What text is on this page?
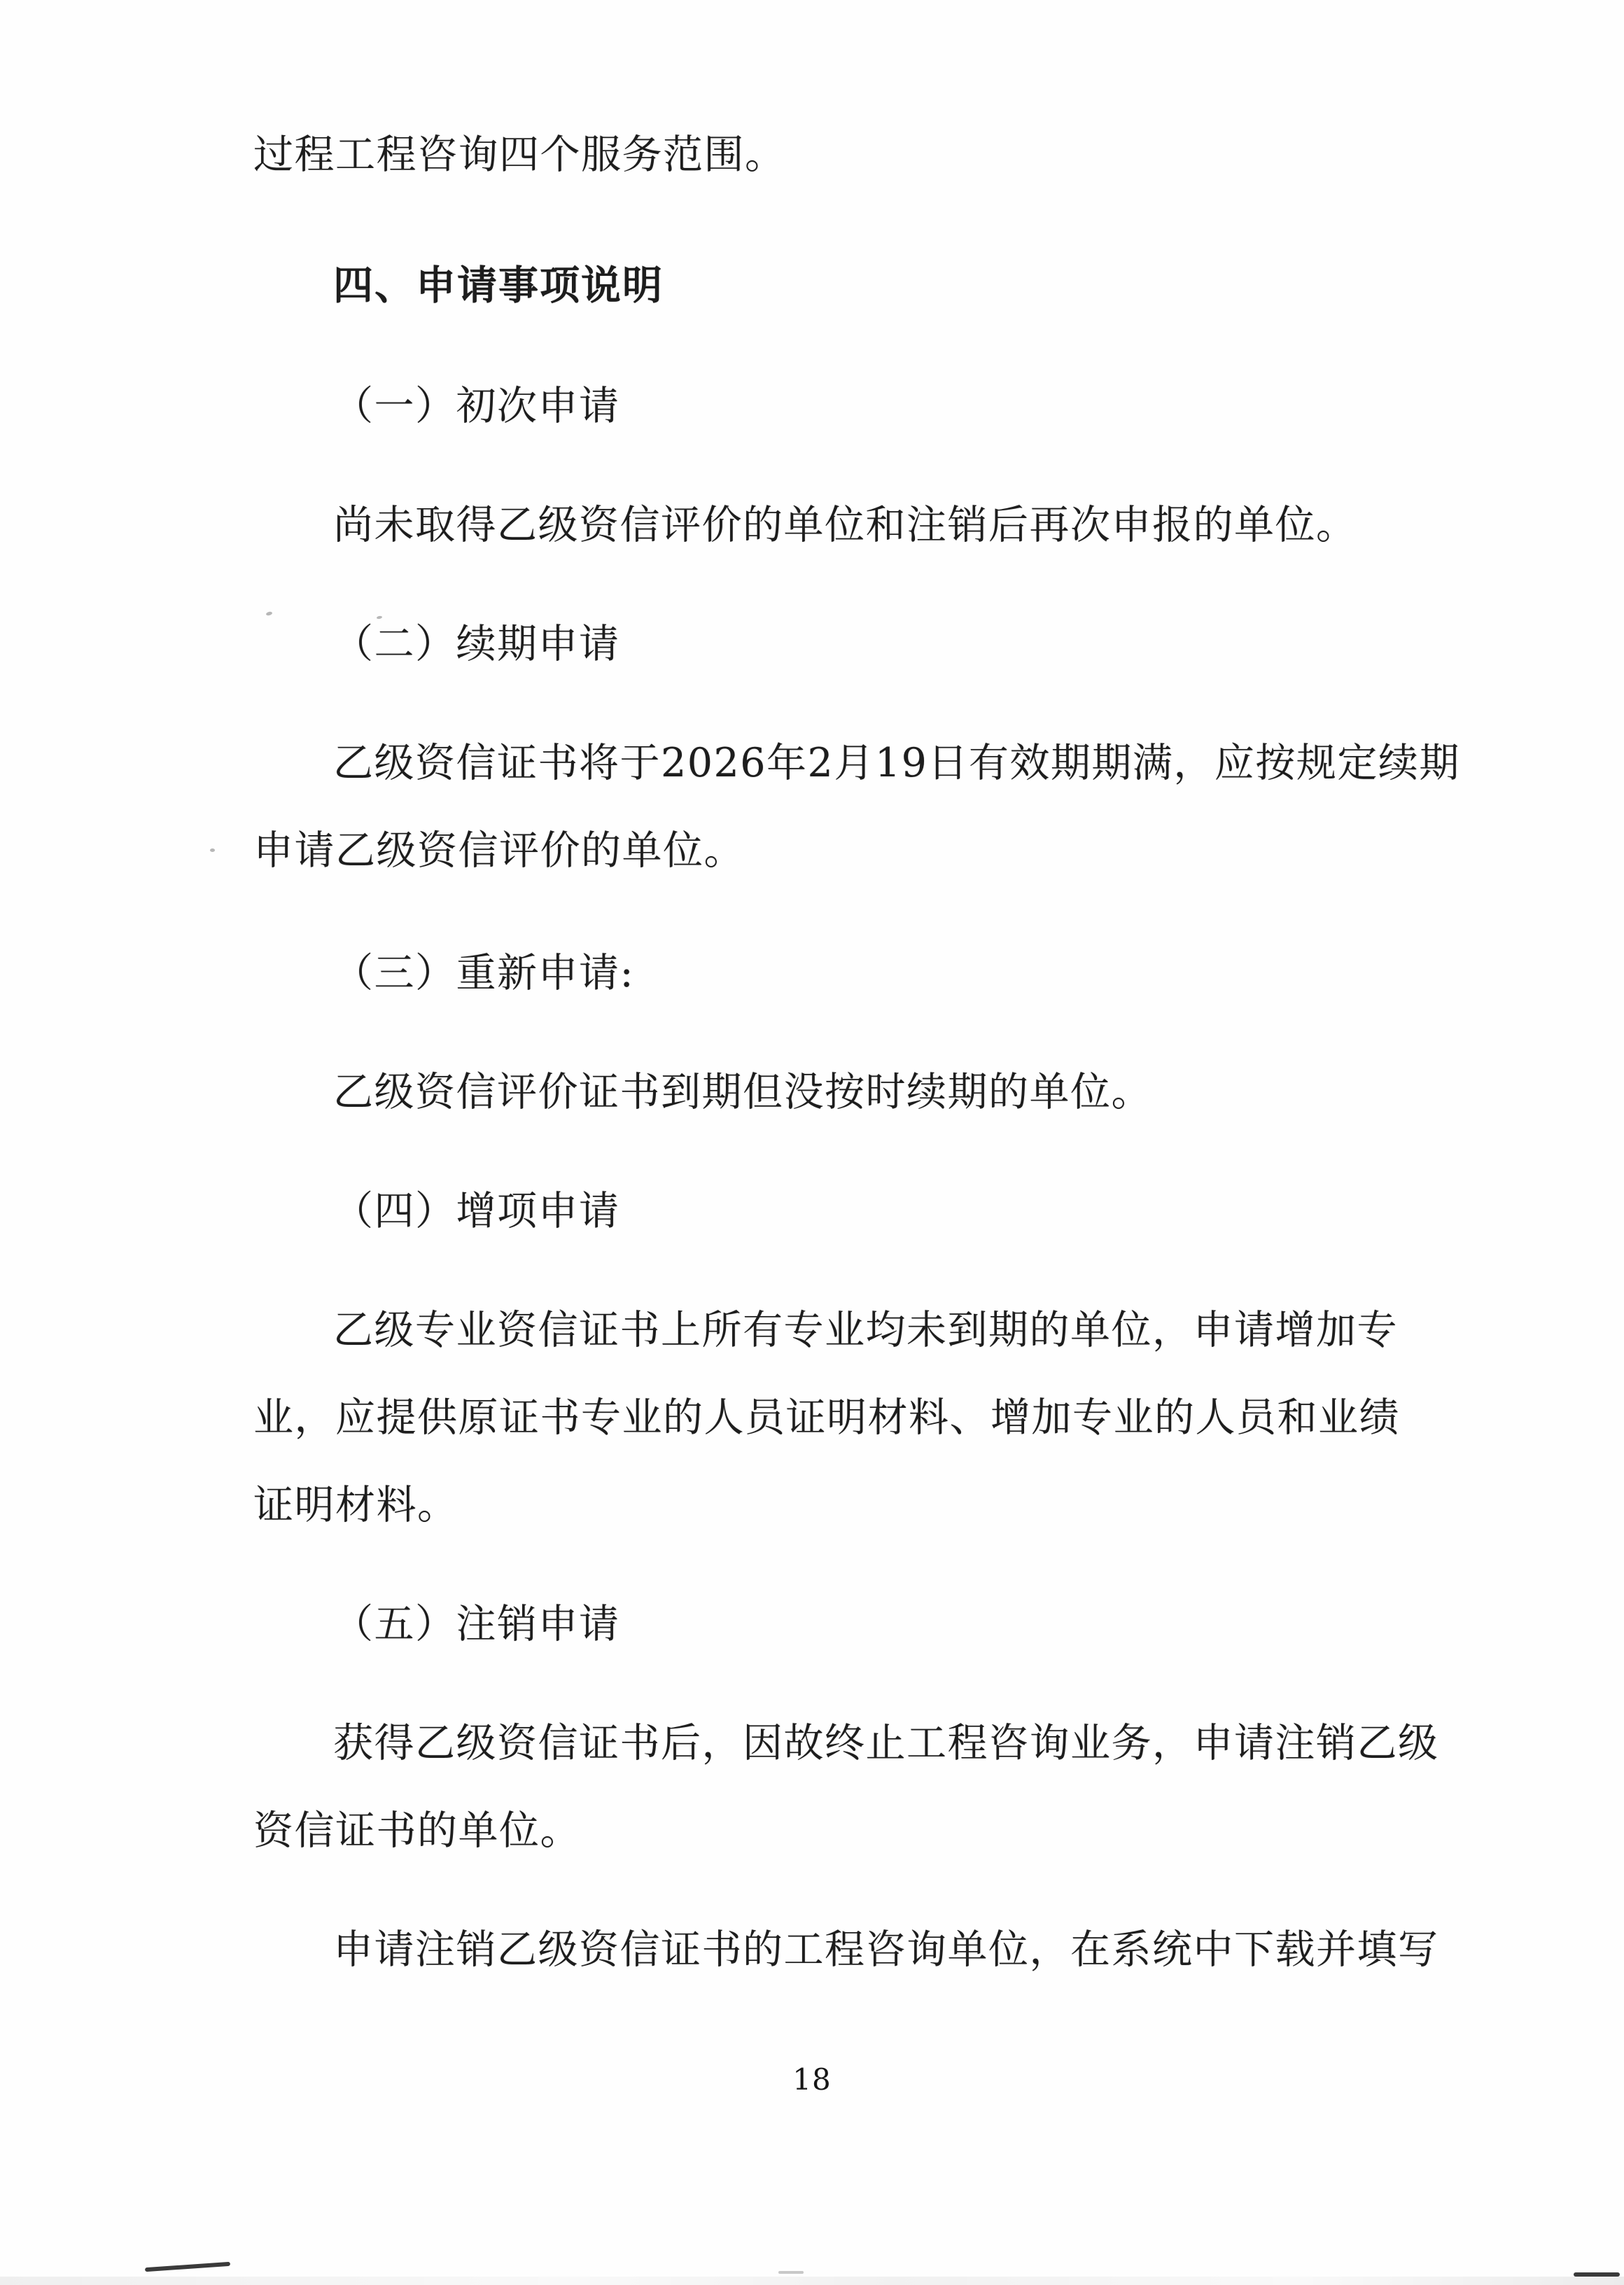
过程工程咨询四个服务范围。
四、申请事项说明
（一）初次申请
尚未取得乙级资信评价的单位和注销后再次申报的单位。
（二）续期申请
乙级资信证书将于2026年2月19日有效期期满，应按规定续期
申请乙级资信评价的单位。
（三）重新申请:
乙级资信评价证书到期但没按时续期的单位。
（四）增项申请
乙级专业资信证书上所有专业均未到期的单位，申请增加专
业，应提供原证书专业的人员证明材料、增加专业的人员和业绩
证明材料。
（五）注销申请
获得乙级资信证书后，因故终止工程咨询业务，申请注销乙级
资信证书的单位。
申请注销乙级资信证书的工程咨询单位，在系统中下载并填写
18
